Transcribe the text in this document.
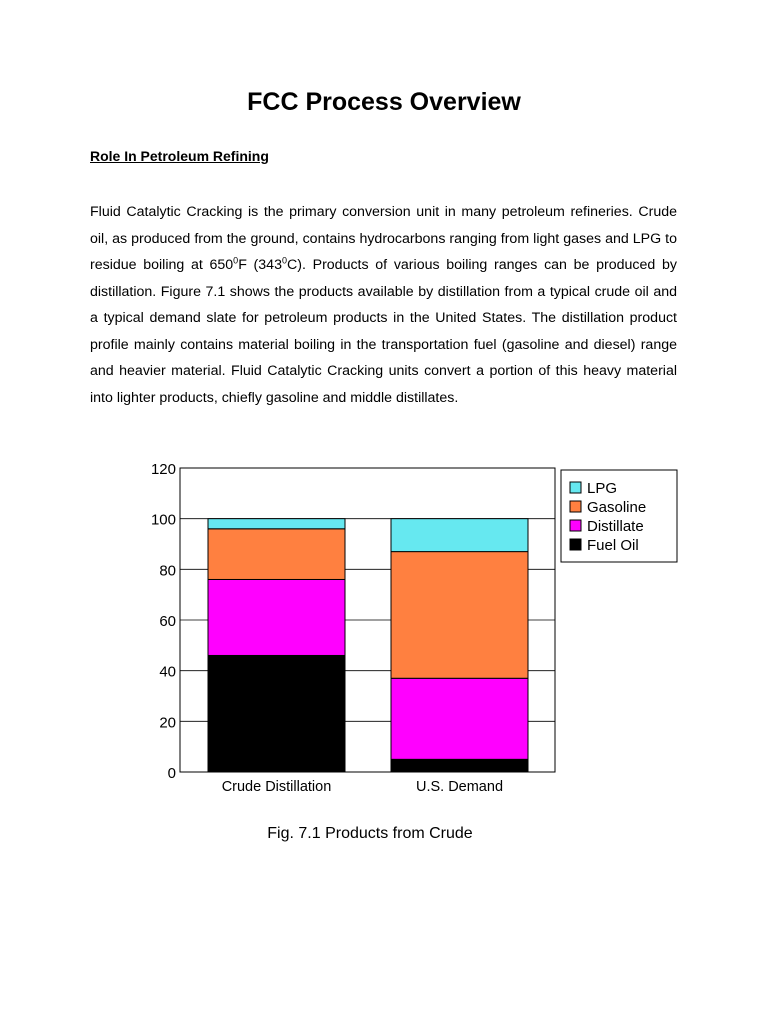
FCC Process Overview
Role In Petroleum Refining

Fluid Catalytic Cracking is the primary conversion unit in many petroleum refineries. Crude oil, as produced from the ground, contains hydrocarbons ranging from light gases and LPG to residue boiling at $650^0F$ $(343^0C)$. Products of various boiling ranges can be produced by distillation. Figure 7.1 shows the products available by distillation from a typical crude oil and a typical demand slate for petroleum products in the United States. The distillation product profile mainly contains material boiling in the transportation fuel (gasoline and diesel) range and heavier material. Fluid Catalytic Cracking units convert a portion of this heavy material into lighter products, chiefly gasoline and middle distillates.

0
20
40
60
80
100
120
Crude Distillation	U.S. Demand
LPG
Gasoline
Distillate
Fuel Oil

Fig. 7.1 Products from Crude
